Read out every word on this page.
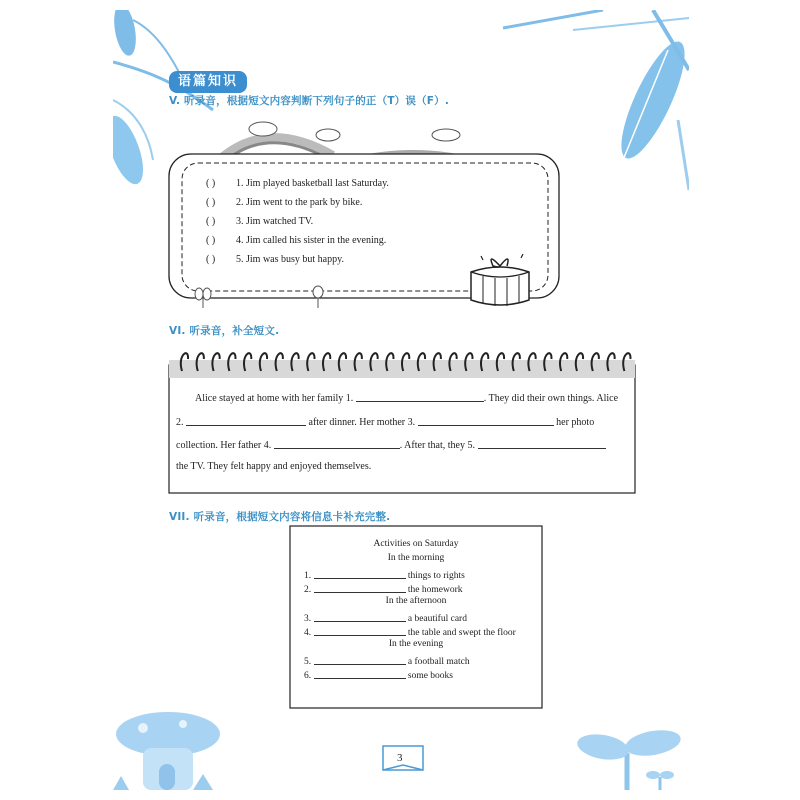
语篇知识
V. 听录音，根据短文内容判断下列句子的正（T）误（F）.
( ) 1. Jim played basketball last Saturday.
( ) 2. Jim went to the park by bike.
( ) 3. Jim watched TV.
( ) 4. Jim called his sister in the evening.
( ) 5. Jim was busy but happy.
VI. 听录音，补全短文.
Alice stayed at home with her family 1.	. They did their own things. Alice
2.	after dinner. Her mother 3.	her photo
collection. Her father 4.	. After that, they 5.
the TV. They felt happy and enjoyed themselves.
VII. 听录音，根据短文内容将信息卡补充完整.
Activities on Saturday
In the morning
1.	things to rights
2.	the homework
In the afternoon
3.	a beautiful card
4.	the table and swept the floor
In the evening
5.	a football match
6.	some books
3
